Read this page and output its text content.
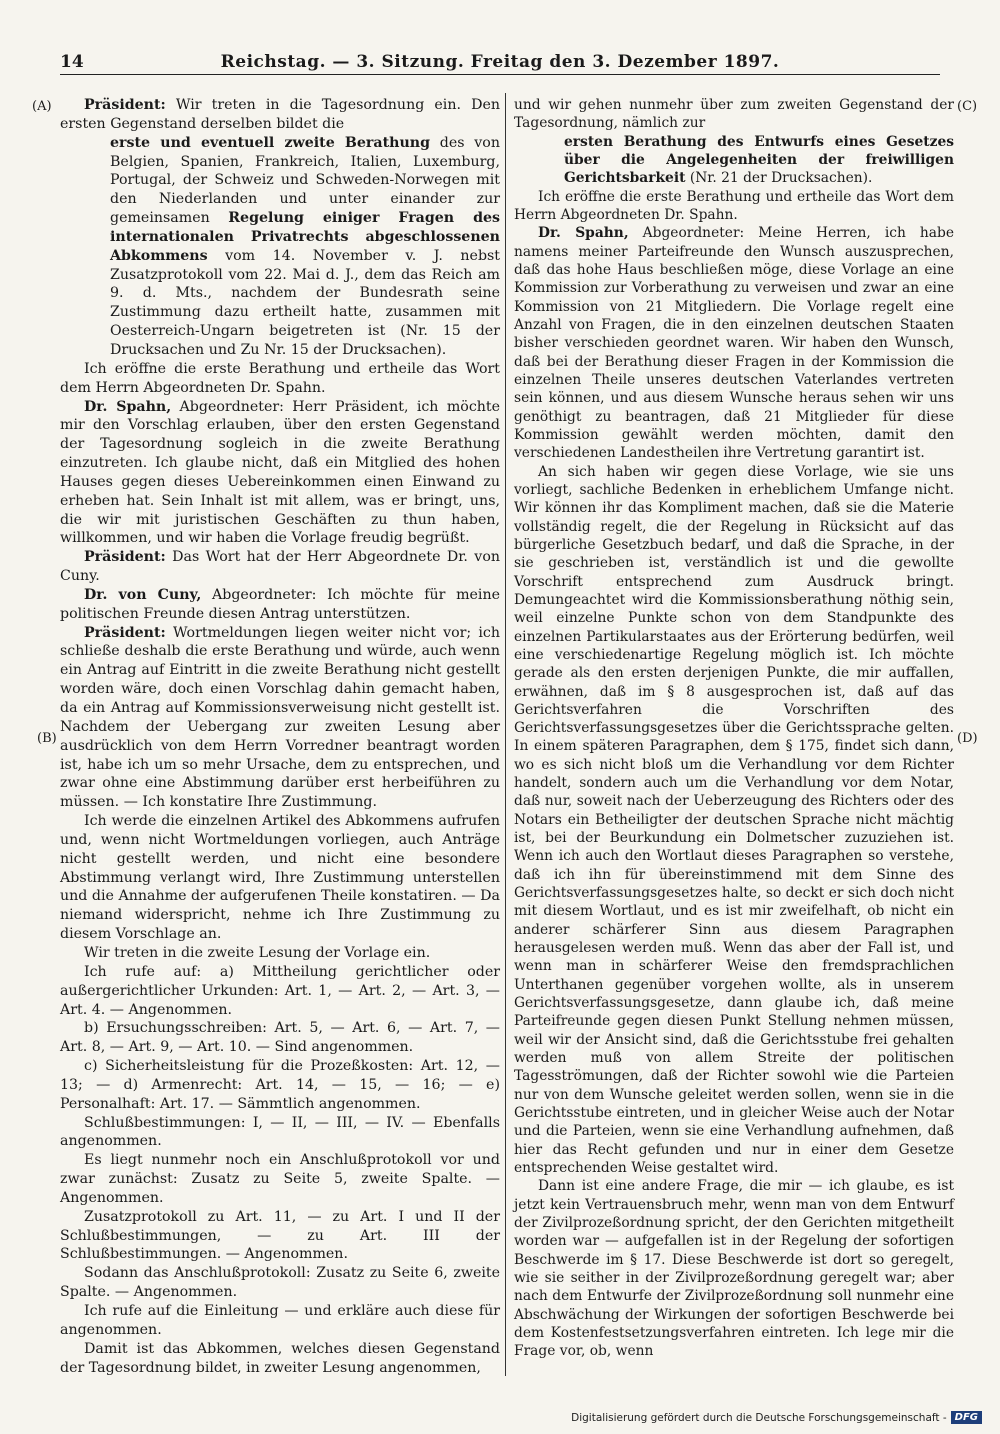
14	Reichstag. — 3. Sitzung. Freitag den 3. Dezember 1897.
(A)
(B)
(C)
(D)

Präsident: Wir treten in die Tagesordnung ein. Den ersten Gegenstand derselben bildet die

erste und eventuell zweite Berathung des von Belgien, Spanien, Frankreich, Italien, Luxemburg, Portugal, der Schweiz und Schweden-Norwegen mit den Niederlanden und unter einander zur gemeinsamen Regelung einiger Fragen des internationalen Privatrechts abgeschlossenen Abkommens vom 14. November v. J. nebst Zusatzprotokoll vom 22. Mai d. J., dem das Reich am 9. d. Mts., nachdem der Bundesrath seine Zustimmung dazu ertheilt hatte, zusammen mit Oesterreich-Ungarn beigetreten ist (Nr. 15 der Drucksachen und Zu Nr. 15 der Drucksachen).

Ich eröffne die erste Berathung und ertheile das Wort dem Herrn Abgeordneten Dr. Spahn.

Dr. Spahn, Abgeordneter: Herr Präsident, ich möchte mir den Vorschlag erlauben, über den ersten Gegenstand der Tagesordnung sogleich in die zweite Berathung einzutreten. Ich glaube nicht, daß ein Mitglied des hohen Hauses gegen dieses Uebereinkommen einen Einwand zu erheben hat. Sein Inhalt ist mit allem, was er bringt, uns, die wir mit juristischen Geschäften zu thun haben, willkommen, und wir haben die Vorlage freudig begrüßt.

Präsident: Das Wort hat der Herr Abgeordnete Dr. von Cuny.

Dr. von Cuny, Abgeordneter: Ich möchte für meine politischen Freunde diesen Antrag unterstützen.

Präsident: Wortmeldungen liegen weiter nicht vor; ich schließe deshalb die erste Berathung und würde, auch wenn ein Antrag auf Eintritt in die zweite Berathung nicht gestellt worden wäre, doch einen Vorschlag dahin gemacht haben, da ein Antrag auf Kommissionsverweisung nicht gestellt ist. Nachdem der Uebergang zur zweiten Lesung aber ausdrücklich von dem Herrn Vorredner beantragt worden ist, habe ich um so mehr Ursache, dem zu entsprechen, und zwar ohne eine Abstimmung darüber erst herbeiführen zu müssen. — Ich konstatire Ihre Zustimmung.

Ich werde die einzelnen Artikel des Abkommens aufrufen und, wenn nicht Wortmeldungen vorliegen, auch Anträge nicht gestellt werden, und nicht eine besondere Abstimmung verlangt wird, Ihre Zustimmung unterstellen und die Annahme der aufgerufenen Theile konstatiren. — Da niemand widerspricht, nehme ich Ihre Zustimmung zu diesem Vorschlage an.

Wir treten in die zweite Lesung der Vorlage ein.

Ich rufe auf: a) Mittheilung gerichtlicher oder außergerichtlicher Urkunden: Art. 1, — Art. 2, — Art. 3, — Art. 4. — Angenommen.

b) Ersuchungsschreiben: Art. 5, — Art. 6, — Art. 7, — Art. 8, — Art. 9, — Art. 10. — Sind angenommen.

c) Sicherheitsleistung für die Prozeßkosten: Art. 12, — 13; — d) Armenrecht: Art. 14, — 15, — 16; — e) Personalhaft: Art. 17. — Sämmtlich angenommen.

Schlußbestimmungen: I, — II, — III, — IV. — Ebenfalls angenommen.

Es liegt nunmehr noch ein Anschlußprotokoll vor und zwar zunächst: Zusatz zu Seite 5, zweite Spalte. — Angenommen.

Zusatzprotokoll zu Art. 11, — zu Art. I und II der Schlußbestimmungen, — zu Art. III der Schlußbestimmungen. — Angenommen.

Sodann das Anschlußprotokoll: Zusatz zu Seite 6, zweite Spalte. — Angenommen.

Ich rufe auf die Einleitung — und erkläre auch diese für angenommen.

Damit ist das Abkommen, welches diesen Gegenstand der Tagesordnung bildet, in zweiter Lesung angenommen,

und wir gehen nunmehr über zum zweiten Gegenstand der Tagesordnung, nämlich zur

ersten Berathung des Entwurfs eines Gesetzes über die Angelegenheiten der freiwilligen Gerichtsbarkeit (Nr. 21 der Drucksachen).

Ich eröffne die erste Berathung und ertheile das Wort dem Herrn Abgeordneten Dr. Spahn.

Dr. Spahn, Abgeordneter: Meine Herren, ich habe namens meiner Parteifreunde den Wunsch auszusprechen, daß das hohe Haus beschließen möge, diese Vorlage an eine Kommission zur Vorberathung zu verweisen und zwar an eine Kommission von 21 Mitgliedern. Die Vorlage regelt eine Anzahl von Fragen, die in den einzelnen deutschen Staaten bisher verschieden geordnet waren. Wir haben den Wunsch, daß bei der Berathung dieser Fragen in der Kommission die einzelnen Theile unseres deutschen Vaterlandes vertreten sein können, und aus diesem Wunsche heraus sehen wir uns genöthigt zu beantragen, daß 21 Mitglieder für diese Kommission gewählt werden möchten, damit den verschiedenen Landestheilen ihre Vertretung garantirt ist.

An sich haben wir gegen diese Vorlage, wie sie uns vorliegt, sachliche Bedenken in erheblichem Umfange nicht. Wir können ihr das Kompliment machen, daß sie die Materie vollständig regelt, die der Regelung in Rücksicht auf das bürgerliche Gesetzbuch bedarf, und daß die Sprache, in der sie geschrieben ist, verständlich ist und die gewollte Vorschrift entsprechend zum Ausdruck bringt. Demungeachtet wird die Kommissionsberathung nöthig sein, weil einzelne Punkte schon von dem Standpunkte des einzelnen Partikularstaates aus der Erörterung bedürfen, weil eine verschiedenartige Regelung möglich ist. Ich möchte gerade als den ersten derjenigen Punkte, die mir auffallen, erwähnen, daß im § 8 ausgesprochen ist, daß auf das Gerichtsverfahren die Vorschriften des Gerichtsverfassungsgesetzes über die Gerichtssprache gelten. In einem späteren Paragraphen, dem § 175, findet sich dann, wo es sich nicht bloß um die Verhandlung vor dem Richter handelt, sondern auch um die Verhandlung vor dem Notar, daß nur, soweit nach der Ueberzeugung des Richters oder des Notars ein Betheiligter der deutschen Sprache nicht mächtig ist, bei der Beurkundung ein Dolmetscher zuzuziehen ist. Wenn ich auch den Wortlaut dieses Paragraphen so verstehe, daß ich ihn für übereinstimmend mit dem Sinne des Gerichtsverfassungsgesetzes halte, so deckt er sich doch nicht mit diesem Wortlaut, und es ist mir zweifelhaft, ob nicht ein anderer schärferer Sinn aus diesem Paragraphen herausgelesen werden muß. Wenn das aber der Fall ist, und wenn man in schärferer Weise den fremdsprachlichen Unterthanen gegenüber vorgehen wollte, als in unserem Gerichtsverfassungsgesetze, dann glaube ich, daß meine Parteifreunde gegen diesen Punkt Stellung nehmen müssen, weil wir der Ansicht sind, daß die Gerichtsstube frei gehalten werden muß von allem Streite der politischen Tagesströmungen, daß der Richter sowohl wie die Parteien nur von dem Wunsche geleitet werden sollen, wenn sie in die Gerichtsstube eintreten, und in gleicher Weise auch der Notar und die Parteien, wenn sie eine Verhandlung aufnehmen, daß hier das Recht gefunden und nur in einer dem Gesetze entsprechenden Weise gestaltet wird.

Dann ist eine andere Frage, die mir — ich glaube, es ist jetzt kein Vertrauensbruch mehr, wenn man von dem Entwurf der Zivilprozeßordnung spricht, der den Gerichten mitgetheilt worden war — aufgefallen ist in der Regelung der sofortigen Beschwerde im § 17. Diese Beschwerde ist dort so geregelt, wie sie seither in der Zivilprozeßordnung geregelt war; aber nach dem Entwurfe der Zivilprozeßordnung soll nunmehr eine Abschwächung der Wirkungen der sofortigen Beschwerde bei dem Kostenfestsetzungsverfahren eintreten. Ich lege mir die Frage vor, ob, wenn

Digitalisierung gefördert durch die Deutsche Forschungsgemeinschaft - DFG
